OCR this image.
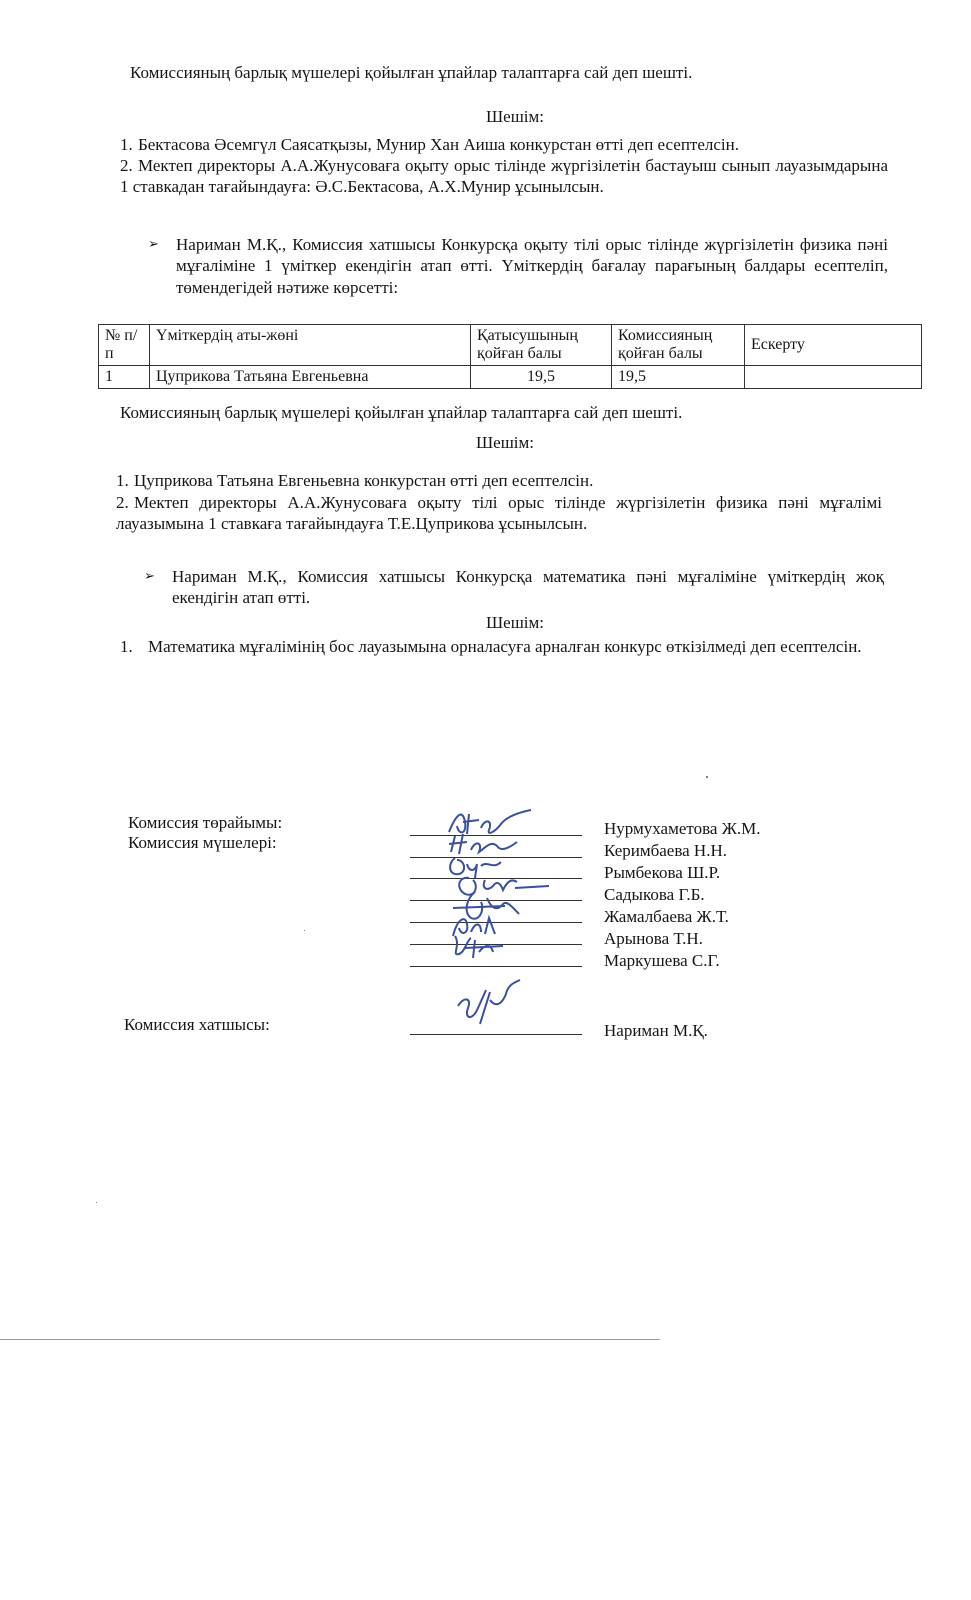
Комиссияның барлық мүшелері қойылған ұпайлар талаптарға сай деп шешті.

Шешім:

1. Бектасова Әсемгүл Саясатқызы, Мунир Хан Аиша конкурстан өтті деп есептелсін.
2. Мектеп директоры А.А.Жунусоваға оқыту орыс тілінде жүргізілетін бастауыш сынып лауазымдарына 1 ставкадан тағайындауға: Ә.С.Бектасова, А.Х.Мунир ұсынылсын.
➢	Нариман М.Қ., Комиссия хатшысы Конкурсқа оқыту тілі орыс тілінде жүргізілетін физика пәні мұғаліміне 1 үміткер екендігін атап өтті. Үміткердің бағалау парағының балдары есептеліп, төмендегідей нәтиже көрсетті:
№ п/п	Үміткердің аты-жөні	Қатысушының қойған балы	Комиссияның қойған балы	Ескерту
1	Цуприкова Татьяна Евгеньевна	19,5	19,5	

Комиссияның барлық мүшелері қойылған ұпайлар талаптарға сай деп шешті.

Шешім:

1. Цуприкова Татьяна Евгеньевна конкурстан өтті деп есептелсін.
2. Мектеп директоры А.А.Жунусоваға оқыту тілі орыс тілінде жүргізілетін физика пәні мұғалімі лауазымына 1 ставкаға тағайындауға Т.Е.Цуприкова ұсынылсын.
➢	Нариман М.Қ., Комиссия хатшысы Конкурсқа математика пәні мұғаліміне үміткердің жоқ екендігін атап өтті.

Шешім:

1. Математика мұғалімінің бос лауазымына орналасуға арналған конкурс өткізілмеді деп есептелсін.
Комиссия төрайымы:
Комиссия мүшелері:
Комиссия хатшысы:
Нурмухаметова Ж.М.
Керимбаева Н.Н.
Рымбекова Ш.Р.
Садыкова Г.Б.
Жамалбаева Ж.Т.
Арынова Т.Н.
Маркушева С.Г.
Нариман М.Қ.
